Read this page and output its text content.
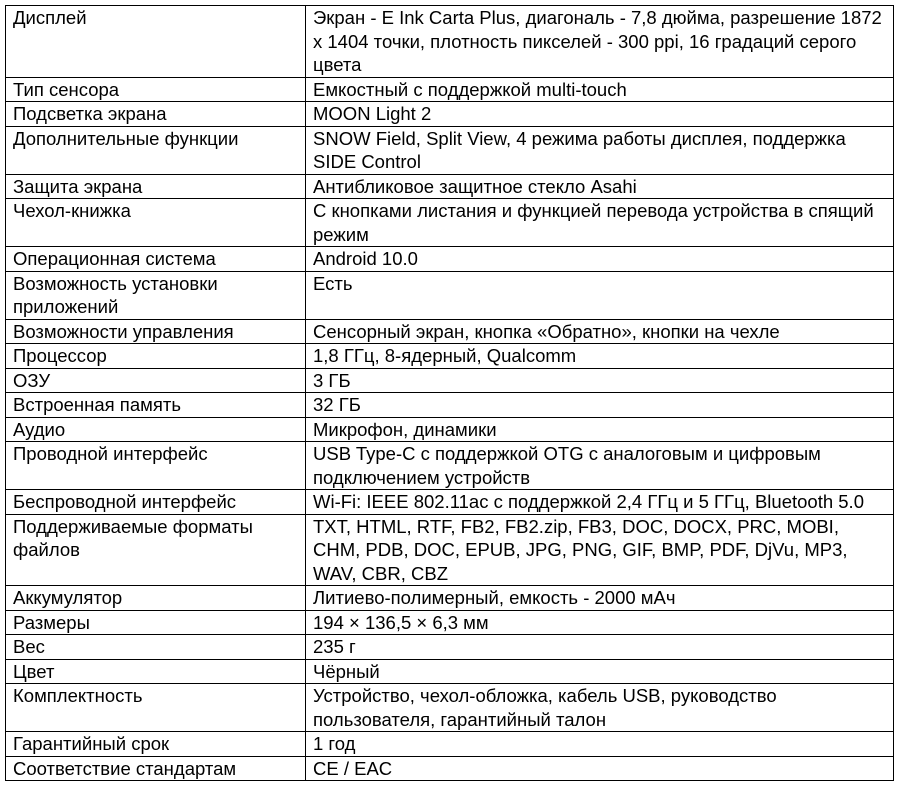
Дисплей	Экран - E Ink Carta Plus, диагональ - 7,8 дюйма, разрешение 1872 x 1404 точки, плотность пикселей - 300 ppi, 16 градаций серого цвета
Тип сенсора	Емкостный с поддержкой multi-touch
Подсветка экрана	MOON Light 2
Дополнительные функции	SNOW Field, Split View, 4 режима работы дисплея, поддержка SIDE Control
Защита экрана	Антибликовое защитное стекло Asahi
Чехол-книжка	С кнопками листания и функцией перевода устройства в спящий режим
Операционная система	Android 10.0
Возможность установки приложений	Есть
Возможности управления	Сенсорный экран, кнопка «Обратно», кнопки на чехле
Процессор	1,8 ГГц, 8-ядерный, Qualcomm
ОЗУ	3 ГБ
Встроенная память	32 ГБ
Аудио	Микрофон, динамики
Проводной интерфейс	USB Type-C с поддержкой OTG с аналоговым и цифровым подключением устройств
Беспроводной интерфейс	Wi-Fi: IEEE 802.11ac с поддержкой 2,4 ГГц и 5 ГГц, Bluetooth 5.0
Поддерживаемые форматы файлов	TXT, HTML, RTF, FB2, FB2.zip, FB3, DOC, DOCX, PRC, MOBI, CHM, PDB, DOC, EPUB, JPG, PNG, GIF, BMP, PDF, DjVu, MP3, WAV, CBR, CBZ
Аккумулятор	Литиево-полимерный, емкость - 2000 мАч
Размеры	194 × 136,5 × 6,3 мм
Вес	235 г
Цвет	Чёрный
Комплектность	Устройство, чехол-обложка, кабель USB, руководство пользователя, гарантийный талон
Гарантийный срок	1 год
Соответствие стандартам	CE / EAC
